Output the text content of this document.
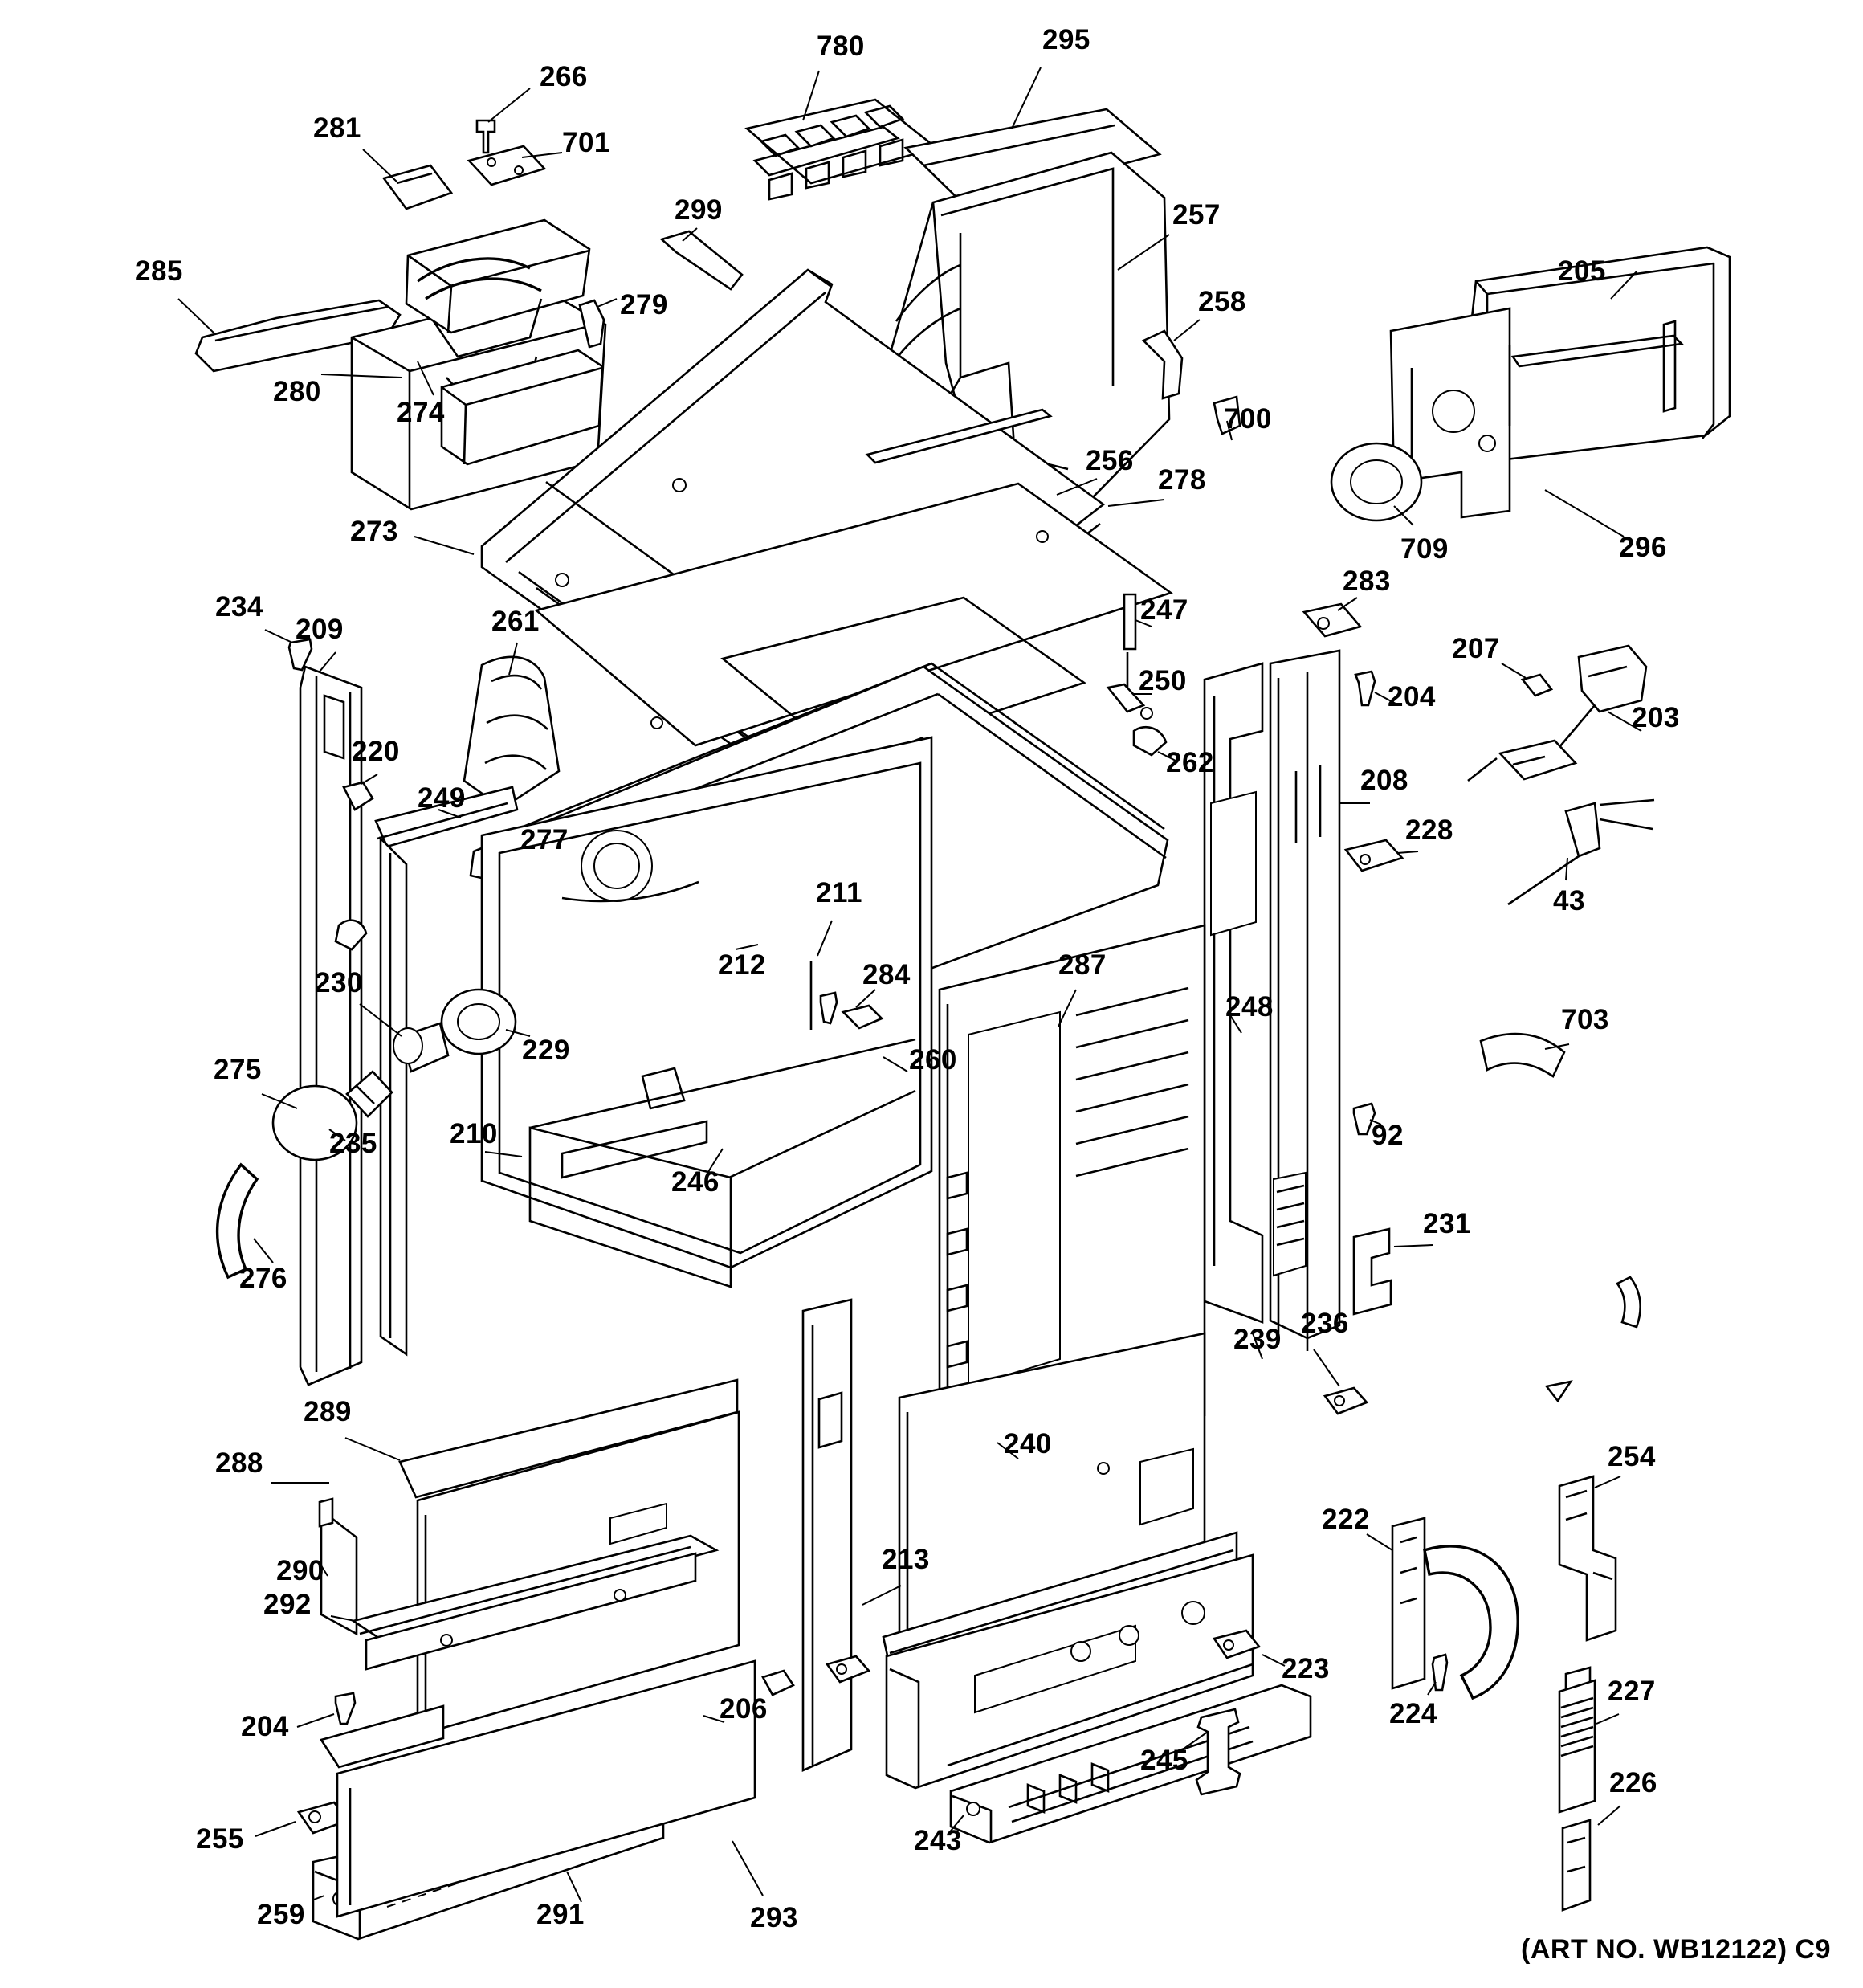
266
780	295
281	701
299	257
258
205
285
279
280
274	700
256
278
709	296
273
247
283
234
209	261
250
204
207
203
220	262
208
249
228
277
211	43
212	284	287
230
248
229	260
275
703
210
235	92
246
231
276
239
236
289
288
240	254
222
290
292
213
223
227
204
206	224
245
226
255	243
259	291	293
(ART NO. WB12122) C9
